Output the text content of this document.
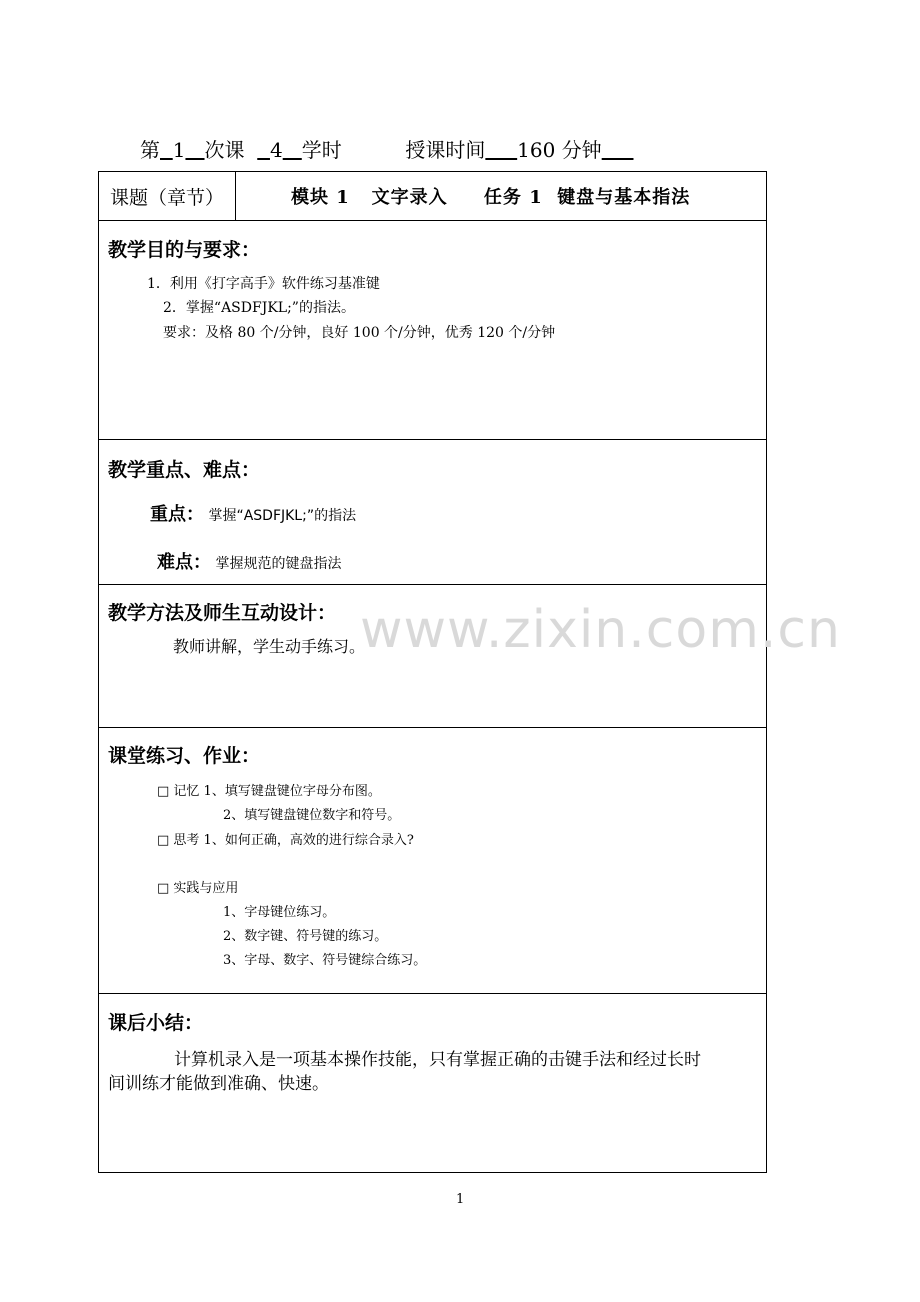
第 1 次课 4 学时	授课时间 160 分钟
课题（章节）	模块 1   文字录入     任务 1  键盘与基本指法
教学目的与要求：
1．利用《打字高手》软件练习基准键
2．掌握“ASDFJKL;”的指法。
要求：及格 80 个/分钟，良好 100 个/分钟，优秀 120 个/分钟
教学重点、难点：
重点： 掌握“ASDFJKL;”的指法
难点： 掌握规范的键盘指法
教学方法及师生互动设计：
教师讲解，学生动手练习。
课堂练习、作业：
□ 记忆 1、填写键盘键位字母分布图。
2、填写键盘键位数字和符号。
□ 思考 1、如何正确，高效的进行综合录入?
□ 实践与应用
1、字母键位练习。
2、数字键、符号键的练习。
3、字母、数字、符号键综合练习。
课后小结：
计算机录入是一项基本操作技能，只有掌握正确的击键手法和经过长时
间训练才能做到准确、快速。
www.zixin.com.cn
1
